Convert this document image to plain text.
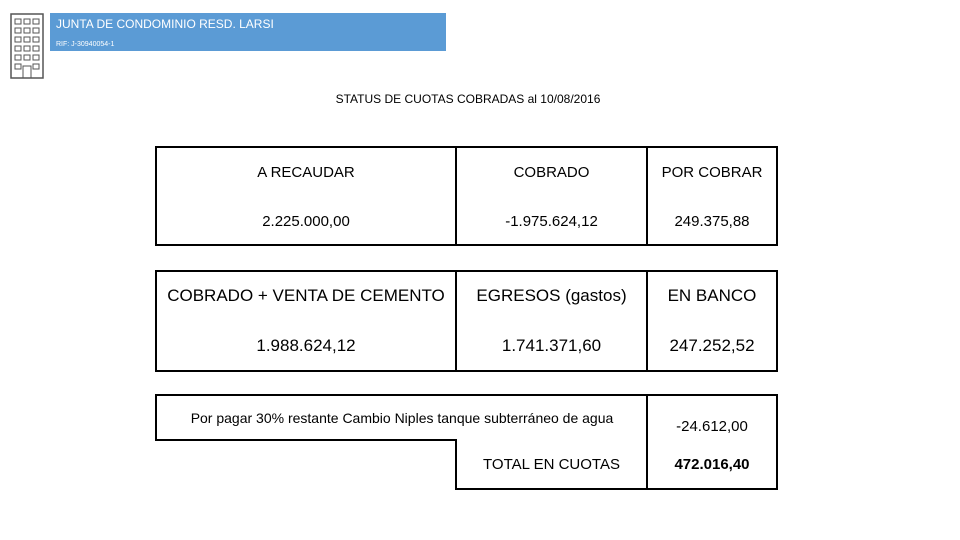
JUNTA DE CONDOMINIO RESD. LARSI
RIF: J-30940054-1
STATUS DE CUOTAS COBRADAS al 10/08/2016
A RECAUDAR	COBRADO	POR COBRAR
2.225.000,00	-1.975.624,12	249.375,88
COBRADO + VENTA DE CEMENTO	EGRESOS (gastos)	EN BANCO
1.988.624,12	1.741.371,60	247.252,52
Por pagar 30% restante Cambio Niples tanque subterráneo de agua	-24.612,00
TOTAL EN CUOTAS	472.016,40
